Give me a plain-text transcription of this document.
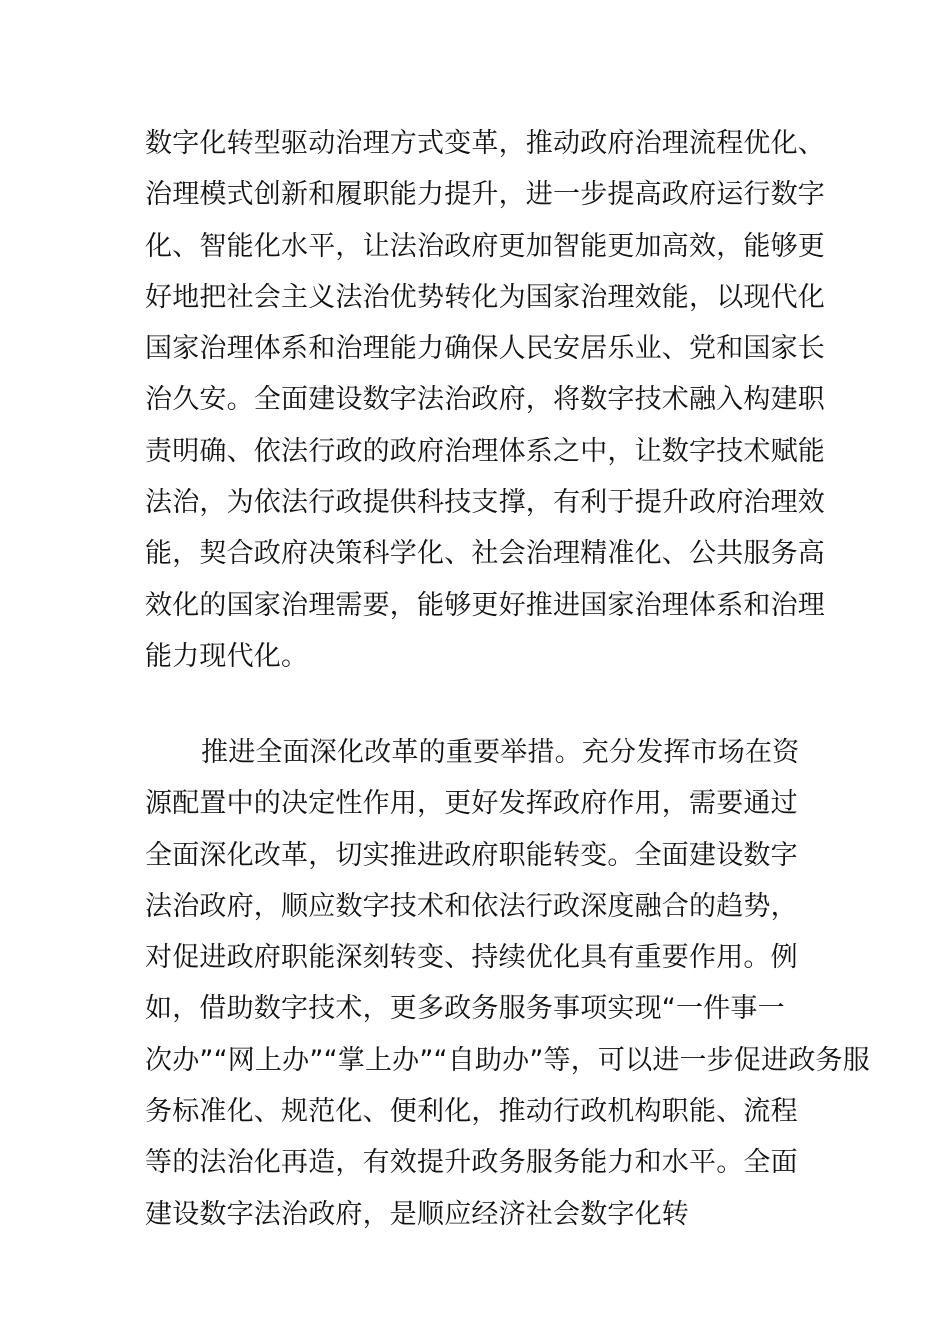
数字化转型驱动治理方式变革，推动政府治理流程优化、
治理模式创新和履职能力提升，进一步提高政府运行数字
化、智能化水平，让法治政府更加智能更加高效，能够更
好地把社会主义法治优势转化为国家治理效能，以现代化
国家治理体系和治理能力确保人民安居乐业、党和国家长
治久安。全面建设数字法治政府，将数字技术融入构建职
责明确、依法行政的政府治理体系之中，让数字技术赋能
法治，为依法行政提供科技支撑，有利于提升政府治理效
能，契合政府决策科学化、社会治理精准化、公共服务高
效化的国家治理需要，能够更好推进国家治理体系和治理
能力现代化。
推进全面深化改革的重要举措。充分发挥市场在资
源配置中的决定性作用，更好发挥政府作用，需要通过
全面深化改革，切实推进政府职能转变。全面建设数字
法治政府，顺应数字技术和依法行政深度融合的趋势，
对促进政府职能深刻转变、持续优化具有重要作用。例
如，借助数字技术，更多政务服务事项实现“一件事一
次办”“网上办”“掌上办”“自助办”等，可以进一步促进政务服
务标准化、规范化、便利化，推动行政机构职能、流程
等的法治化再造，有效提升政务服务能力和水平。全面
建设数字法治政府，是顺应经济社会数字化转
